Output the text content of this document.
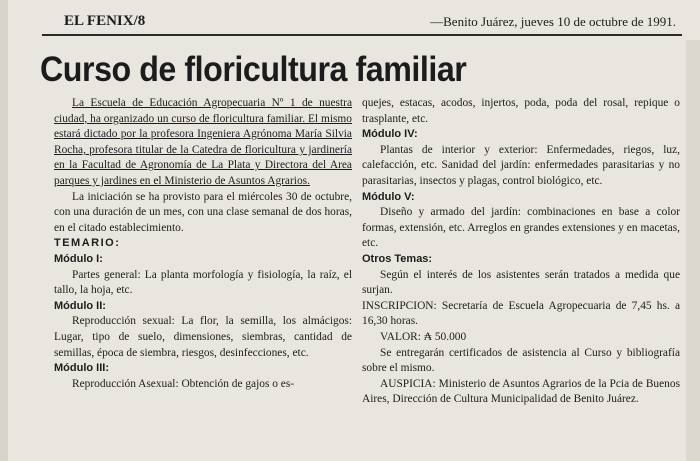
EL FENIX/8	—Benito Juárez, jueves 10 de octubre de 1991.
Curso de floricultura familiar

La Escuela de Educación Agropecuaria Nº 1 de nuestra ciudad, ha organizado un curso de floricultura familiar. El mismo estará dictado por la profesora Ingeniera Agrónoma María Silvia Rocha, profesora titular de la Catedra de floricultura y jardinería en la Facultad de Agronomía de La Plata y Directora del Area parques y jardines en el Ministerio de Asuntos Agrarios.

La iniciación se ha provisto para el miércoles 30 de octubre, con una duración de un mes, con una clase semanal de dos horas, en el citado establecimiento.

TEMARIO:

Módulo I:

Partes general: La planta morfología y fisiología, la raíz, el tallo, la hoja, etc.

Módulo II:

Reproducción sexual: La flor, la semilla, los almácigos: Lugar, tipo de suelo, dimensiones, siembras, cantidad de semillas, época de siembra, riesgos, desinfecciones, etc.

Módulo III:

Reproducción Asexual: Obtención de gajos o es-

quejes, estacas, acodos, injertos, poda, poda del rosal, repique o trasplante, etc.

Módulo IV:

Plantas de interior y exterior: Enfermedades, riegos, luz, calefacción, etc. Sanidad del jardín: enfermedades parasitarias y no parasitarias, insectos y plagas, control biológico, etc.

Módulo V:

Diseño y armado del jardín: combinaciones en base a color formas, extensión, etc. Arreglos en grandes extensiones y en macetas, etc.

Otros Temas:

Según el interés de los asistentes serán tratados a medida que surjan.

INSCRIPCION: Secretaría de Escuela Agropecuaria de 7,45 hs. a 16,30 horas.

VALOR: ₳ 50.000

Se entregarán certificados de asistencia al Curso y bibliografía sobre el mismo.

AUSPICIA: Ministerio de Asuntos Agrarios de la Pcia de Buenos Aires, Dirección de Cultura Municipalidad de Benito Juárez.
